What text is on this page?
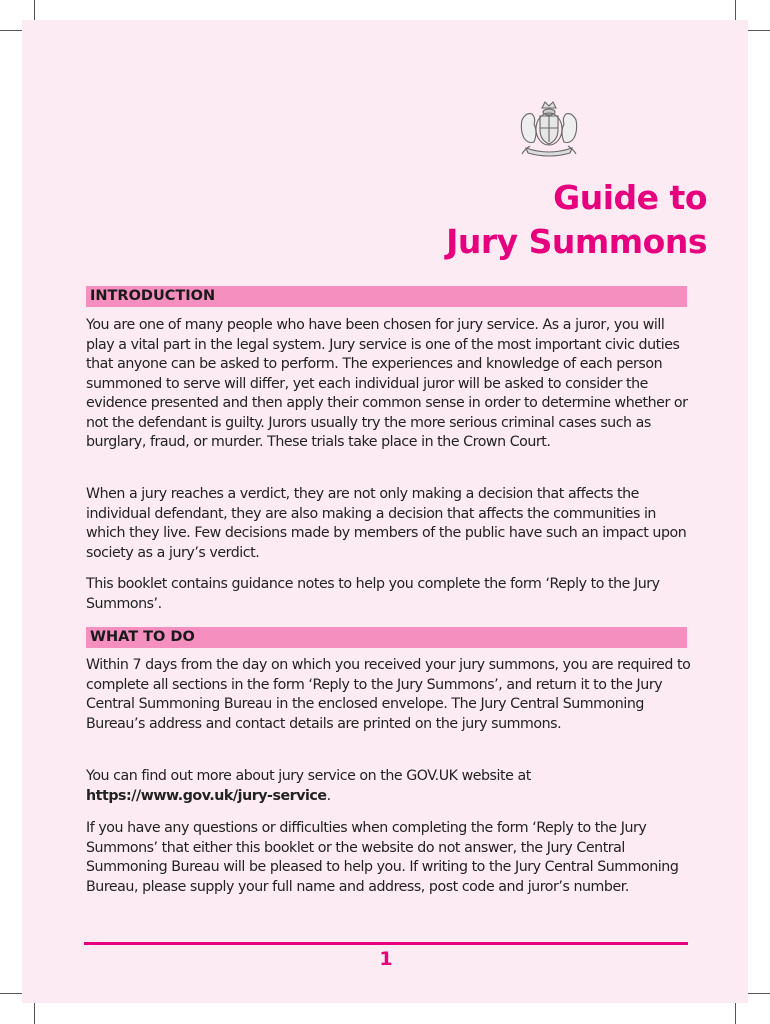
Guide to
Jury Summons
INTRODUCTION
You are one of many people who have been chosen for jury service. As a juror, you will play a vital part in the legal system. Jury service is one of the most important civic duties that anyone can be asked to perform. The experiences and knowledge of each person summoned to serve will differ, yet each individual juror will be asked to consider the evidence presented and then apply their common sense in order to determine whether or not the defendant is guilty. Jurors usually try the more serious criminal cases such as burglary, fraud, or murder. These trials take place in the Crown Court.
When a jury reaches a verdict, they are not only making a decision that affects the individual defendant, they are also making a decision that affects the communities in which they live. Few decisions made by members of the public have such an impact upon society as a jury’s verdict.
This booklet contains guidance notes to help you complete the form ‘Reply to the Jury Summons’.
WHAT TO DO
Within 7 days from the day on which you received your jury summons, you are required to complete all sections in the form ‘Reply to the Jury Summons’, and return it to the Jury Central Summoning Bureau in the enclosed envelope. The Jury Central Summoning Bureau’s address and contact details are printed on the jury summons.
You can find out more about jury service on the GOV.UK website at
https://www.gov.uk/jury-service.
If you have any questions or difficulties when completing the form ‘Reply to the Jury Summons’ that either this booklet or the website do not answer, the Jury Central Summoning Bureau will be pleased to help you. If writing to the Jury Central Summoning Bureau, please supply your full name and address, post code and juror’s number.
1
